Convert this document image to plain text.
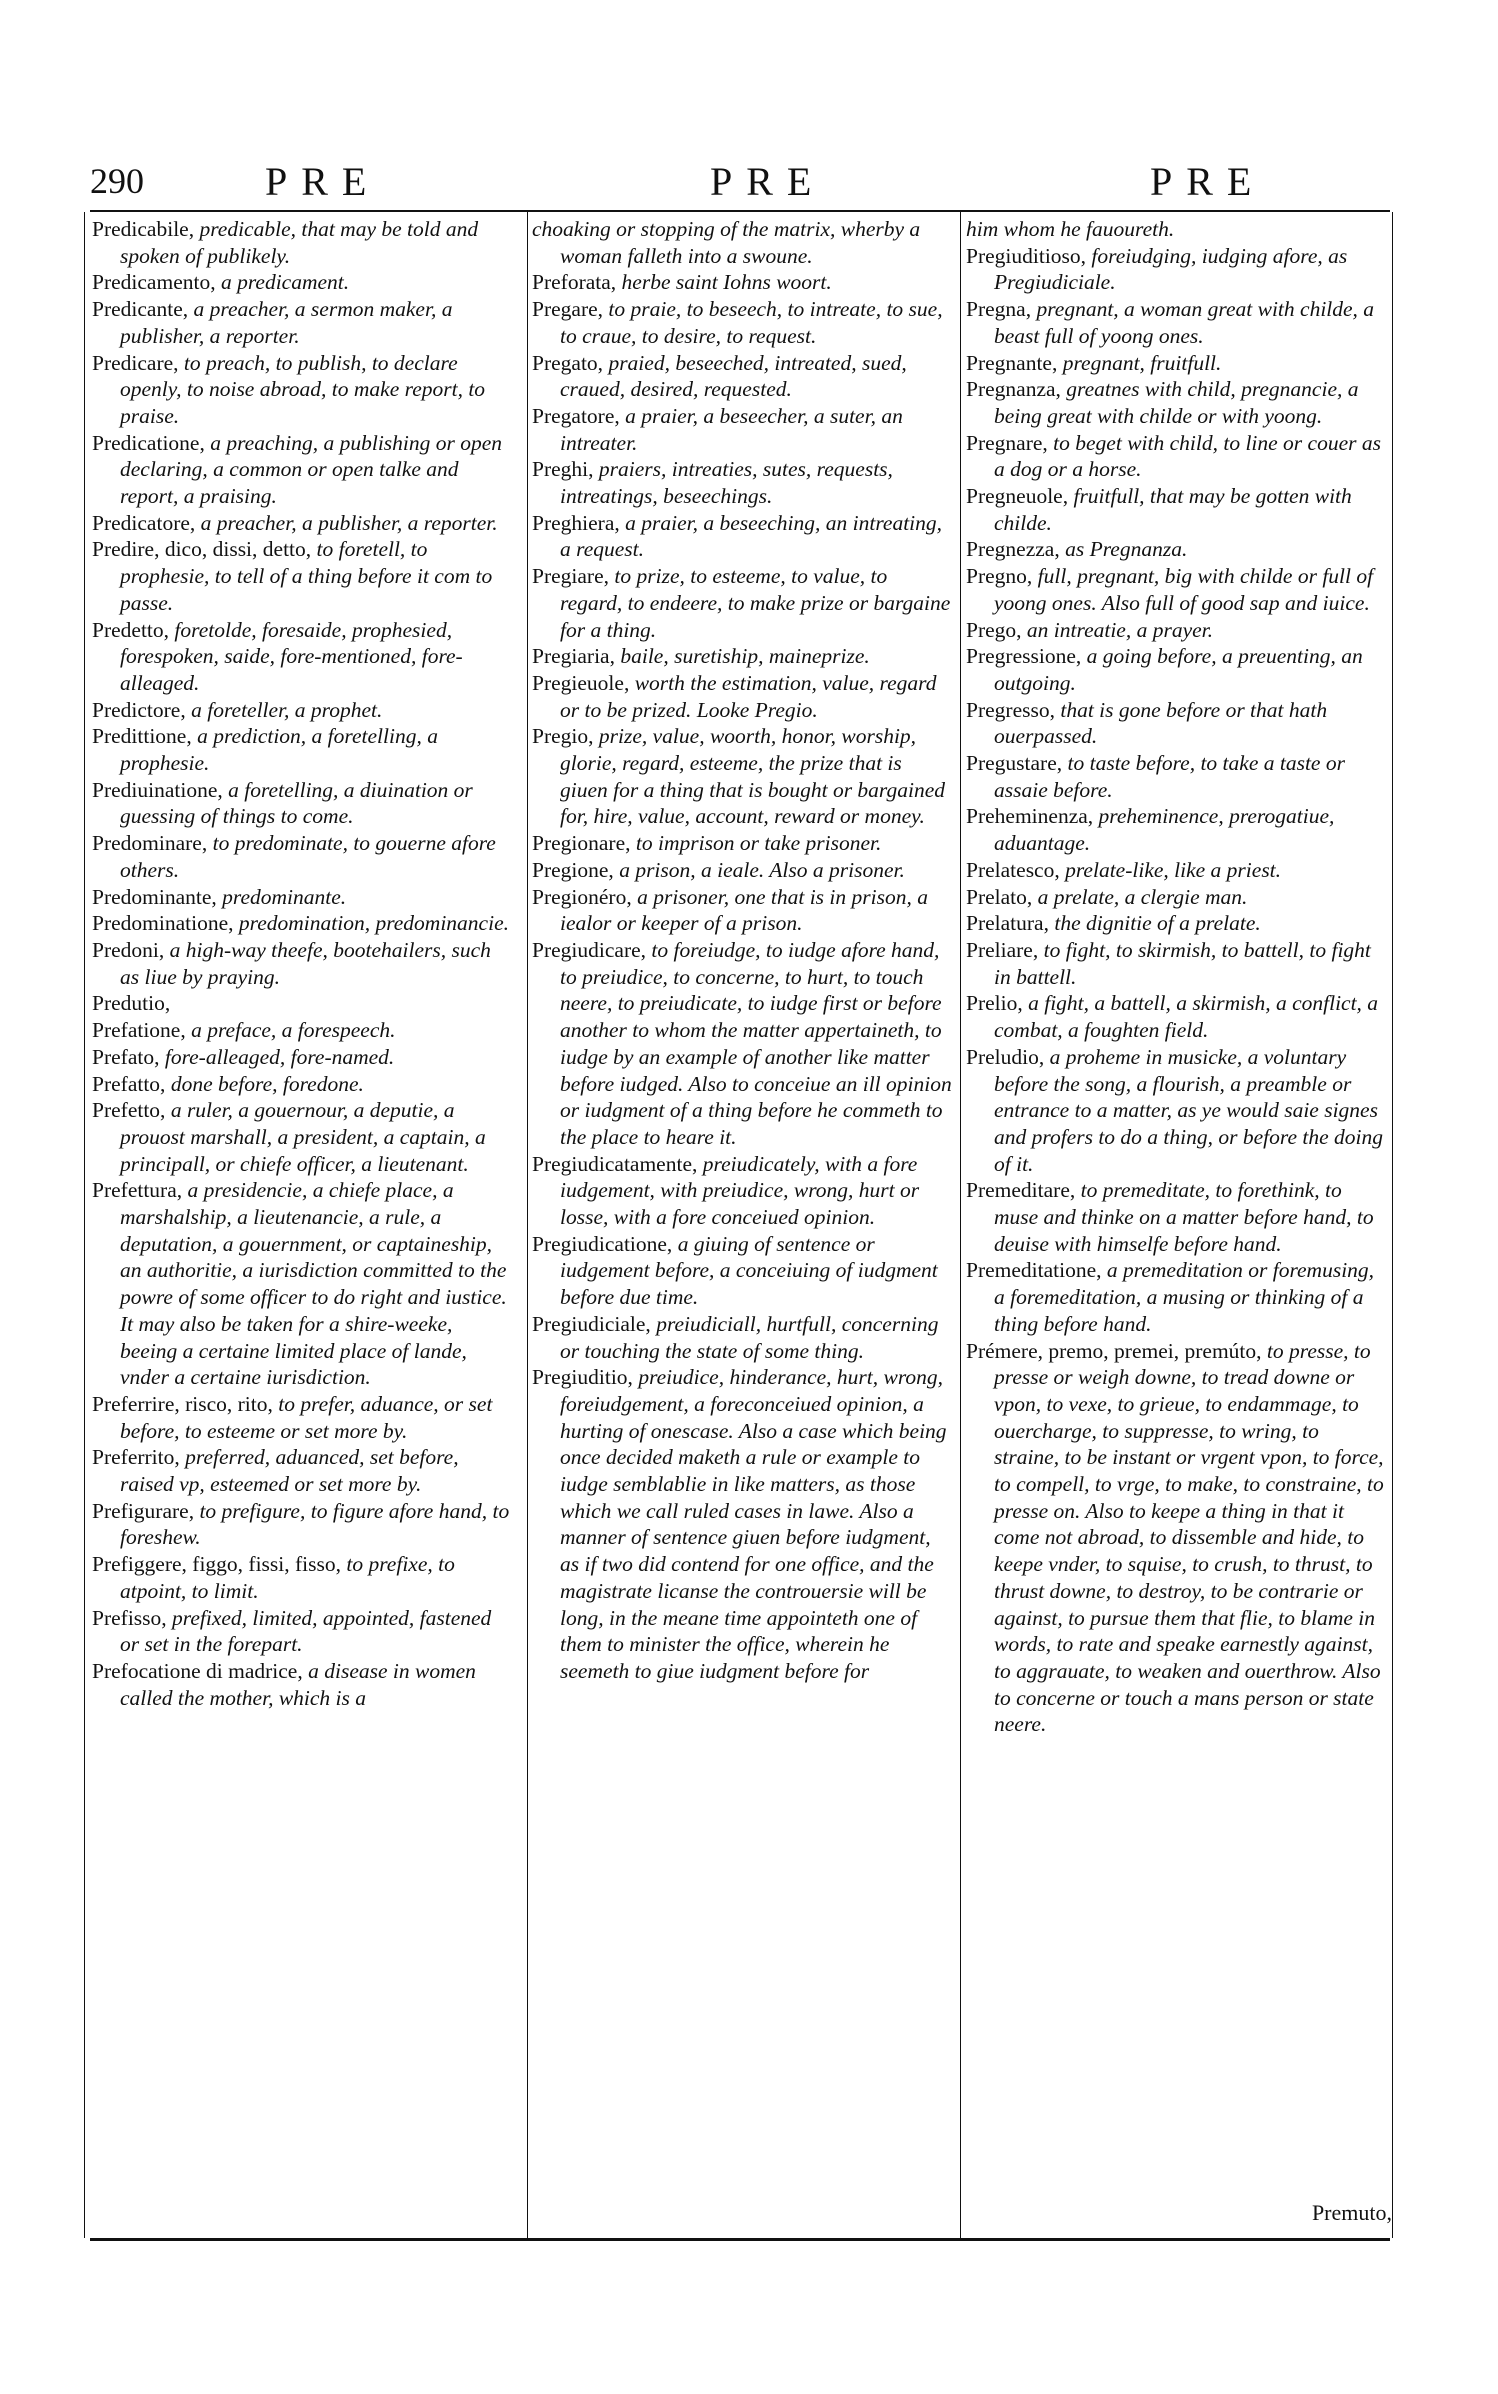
290	PRE	PRE	PRE

Predicabile, predicable, that may be told and spoken of publikely.

Predicamento, a predicament.

Predicante, a preacher, a sermon maker, a publisher, a reporter.

Predicare, to preach, to publish, to declare openly, to noise abroad, to make report, to praise.

Predicatione, a preaching, a publishing or open declaring, a common or open talke and report, a praising.

Predicatore, a preacher, a publisher, a reporter.

Predire, dico, dissi, detto, to foretell, to prophesie, to tell of a thing before it com to passe.

Predetto, foretolde, foresaide, prophesied, forespoken, saide, fore-mentioned, fore-alleaged.

Predictore, a foreteller, a prophet.

Predittione, a prediction, a foretelling, a prophesie.

Prediuinatione, a foretelling, a diuination or guessing of things to come.

Predominare, to predominate, to gouerne afore others.

Predominante, predominante.

Predominatione, predomination, predominancie.

Predoni, a high-way theefe, bootehailers, such as liue by praying.

Predutio,

Prefatione, a preface, a forespeech.

Prefato, fore-alleaged, fore-named.

Prefatto, done before, foredone.

Prefetto, a ruler, a gouernour, a deputie, a prouost marshall, a president, a captain, a principall, or chiefe officer, a lieutenant.

Prefettura, a presidencie, a chiefe place, a marshalship, a lieutenancie, a rule, a deputation, a gouernment, or captaineship, an authoritie, a iurisdiction committed to the powre of some officer to do right and iustice. It may also be taken for a shire-weeke, beeing a certaine limited place of lande, vnder a certaine iurisdiction.

Preferrire, risco, rito, to prefer, aduance, or set before, to esteeme or set more by.

Preferrito, preferred, aduanced, set before, raised vp, esteemed or set more by.

Prefigurare, to prefigure, to figure afore hand, to foreshew.

Prefiggere, figgo, fissi, fisso, to prefixe, to atpoint, to limit.

Prefisso, prefixed, limited, appointed, fastened or set in the forepart.

Prefocatione di madrice, a disease in women called the mother, which is a

choaking or stopping of the matrix, wherby a woman falleth into a swoune.

Preforata, herbe saint Iohns woort.

Pregare, to praie, to beseech, to intreate, to sue, to craue, to desire, to request.

Pregato, praied, beseeched, intreated, sued, craued, desired, requested.

Pregatore, a praier, a beseecher, a suter, an intreater.

Preghi, praiers, intreaties, sutes, requests, intreatings, beseechings.

Preghiera, a praier, a beseeching, an intreating, a request.

Pregiare, to prize, to esteeme, to value, to regard, to endeere, to make prize or bargaine for a thing.

Pregiaria, baile, suretiship, maineprize.

Pregieuole, worth the estimation, value, regard or to be prized. Looke Pregio.

Pregio, prize, value, woorth, honor, worship, glorie, regard, esteeme, the prize that is giuen for a thing that is bought or bargained for, hire, value, account, reward or money.

Pregionare, to imprison or take prisoner.

Pregione, a prison, a ieale. Also a prisoner.

Pregionéro, a prisoner, one that is in prison, a iealor or keeper of a prison.

Pregiudicare, to foreiudge, to iudge afore hand, to preiudice, to concerne, to hurt, to touch neere, to preiudicate, to iudge first or before another to whom the matter appertaineth, to iudge by an example of another like matter before iudged. Also to conceiue an ill opinion or iudgment of a thing before he commeth to the place to heare it.

Pregiudicatamente, preiudicately, with a fore iudgement, with preiudice, wrong, hurt or losse, with a fore conceiued opinion.

Pregiudicatione, a giuing of sentence or iudgement before, a conceiuing of iudgment before due time.

Pregiudiciale, preiudiciall, hurtfull, concerning or touching the state of some thing.

Pregiuditio, preiudice, hinderance, hurt, wrong, foreiudgement, a foreconceiued opinion, a hurting of onescase. Also a case which being once decided maketh a rule or example to iudge semblablie in like matters, as those which we call ruled cases in lawe. Also a manner of sentence giuen before iudgment, as if two did contend for one office, and the magistrate licanse the controuersie will be long, in the meane time appointeth one of them to minister the office, wherein he seemeth to giue iudgment before for

him whom he fauoureth.

Pregiuditioso, foreiudging, iudging afore, as Pregiudiciale.

Pregna, pregnant, a woman great with childe, a beast full of yoong ones.

Pregnante, pregnant, fruitfull.

Pregnanza, greatnes with child, pregnancie, a being great with childe or with yoong.

Pregnare, to beget with child, to line or couer as a dog or a horse.

Pregneuole, fruitfull, that may be gotten with childe.

Pregnezza, as Pregnanza.

Pregno, full, pregnant, big with childe or full of yoong ones. Also full of good sap and iuice.

Prego, an intreatie, a prayer.

Pregressione, a going before, a preuenting, an outgoing.

Pregresso, that is gone before or that hath ouerpassed.

Pregustare, to taste before, to take a taste or assaie before.

Preheminenza, preheminence, prerogatiue, aduantage.

Prelatesco, prelate-like, like a priest.

Prelato, a prelate, a clergie man.

Prelatura, the dignitie of a prelate.

Preliare, to fight, to skirmish, to battell, to fight in battell.

Prelio, a fight, a battell, a skirmish, a conflict, a combat, a foughten field.

Preludio, a proheme in musicke, a voluntary before the song, a flourish, a preamble or entrance to a matter, as ye would saie signes and profers to do a thing, or before the doing of it.

Premeditare, to premeditate, to forethink, to muse and thinke on a matter before hand, to deuise with himselfe before hand.

Premeditatione, a premeditation or foremusing, a foremeditation, a musing or thinking of a thing before hand.

Prémere, premo, premei, premúto, to presse, to presse or weigh downe, to tread downe or vpon, to vexe, to grieue, to endammage, to ouercharge, to suppresse, to wring, to straine, to be instant or vrgent vpon, to force, to compell, to vrge, to make, to constraine, to presse on. Also to keepe a thing in that it come not abroad, to dissemble and hide, to keepe vnder, to squise, to crush, to thrust, to thrust downe, to destroy, to be contrarie or against, to pursue them that flie, to blame in words, to rate and speake earnestly against, to aggrauate, to weaken and ouerthrow. Also to concerne or touch a mans person or state neere.

Premuto,
